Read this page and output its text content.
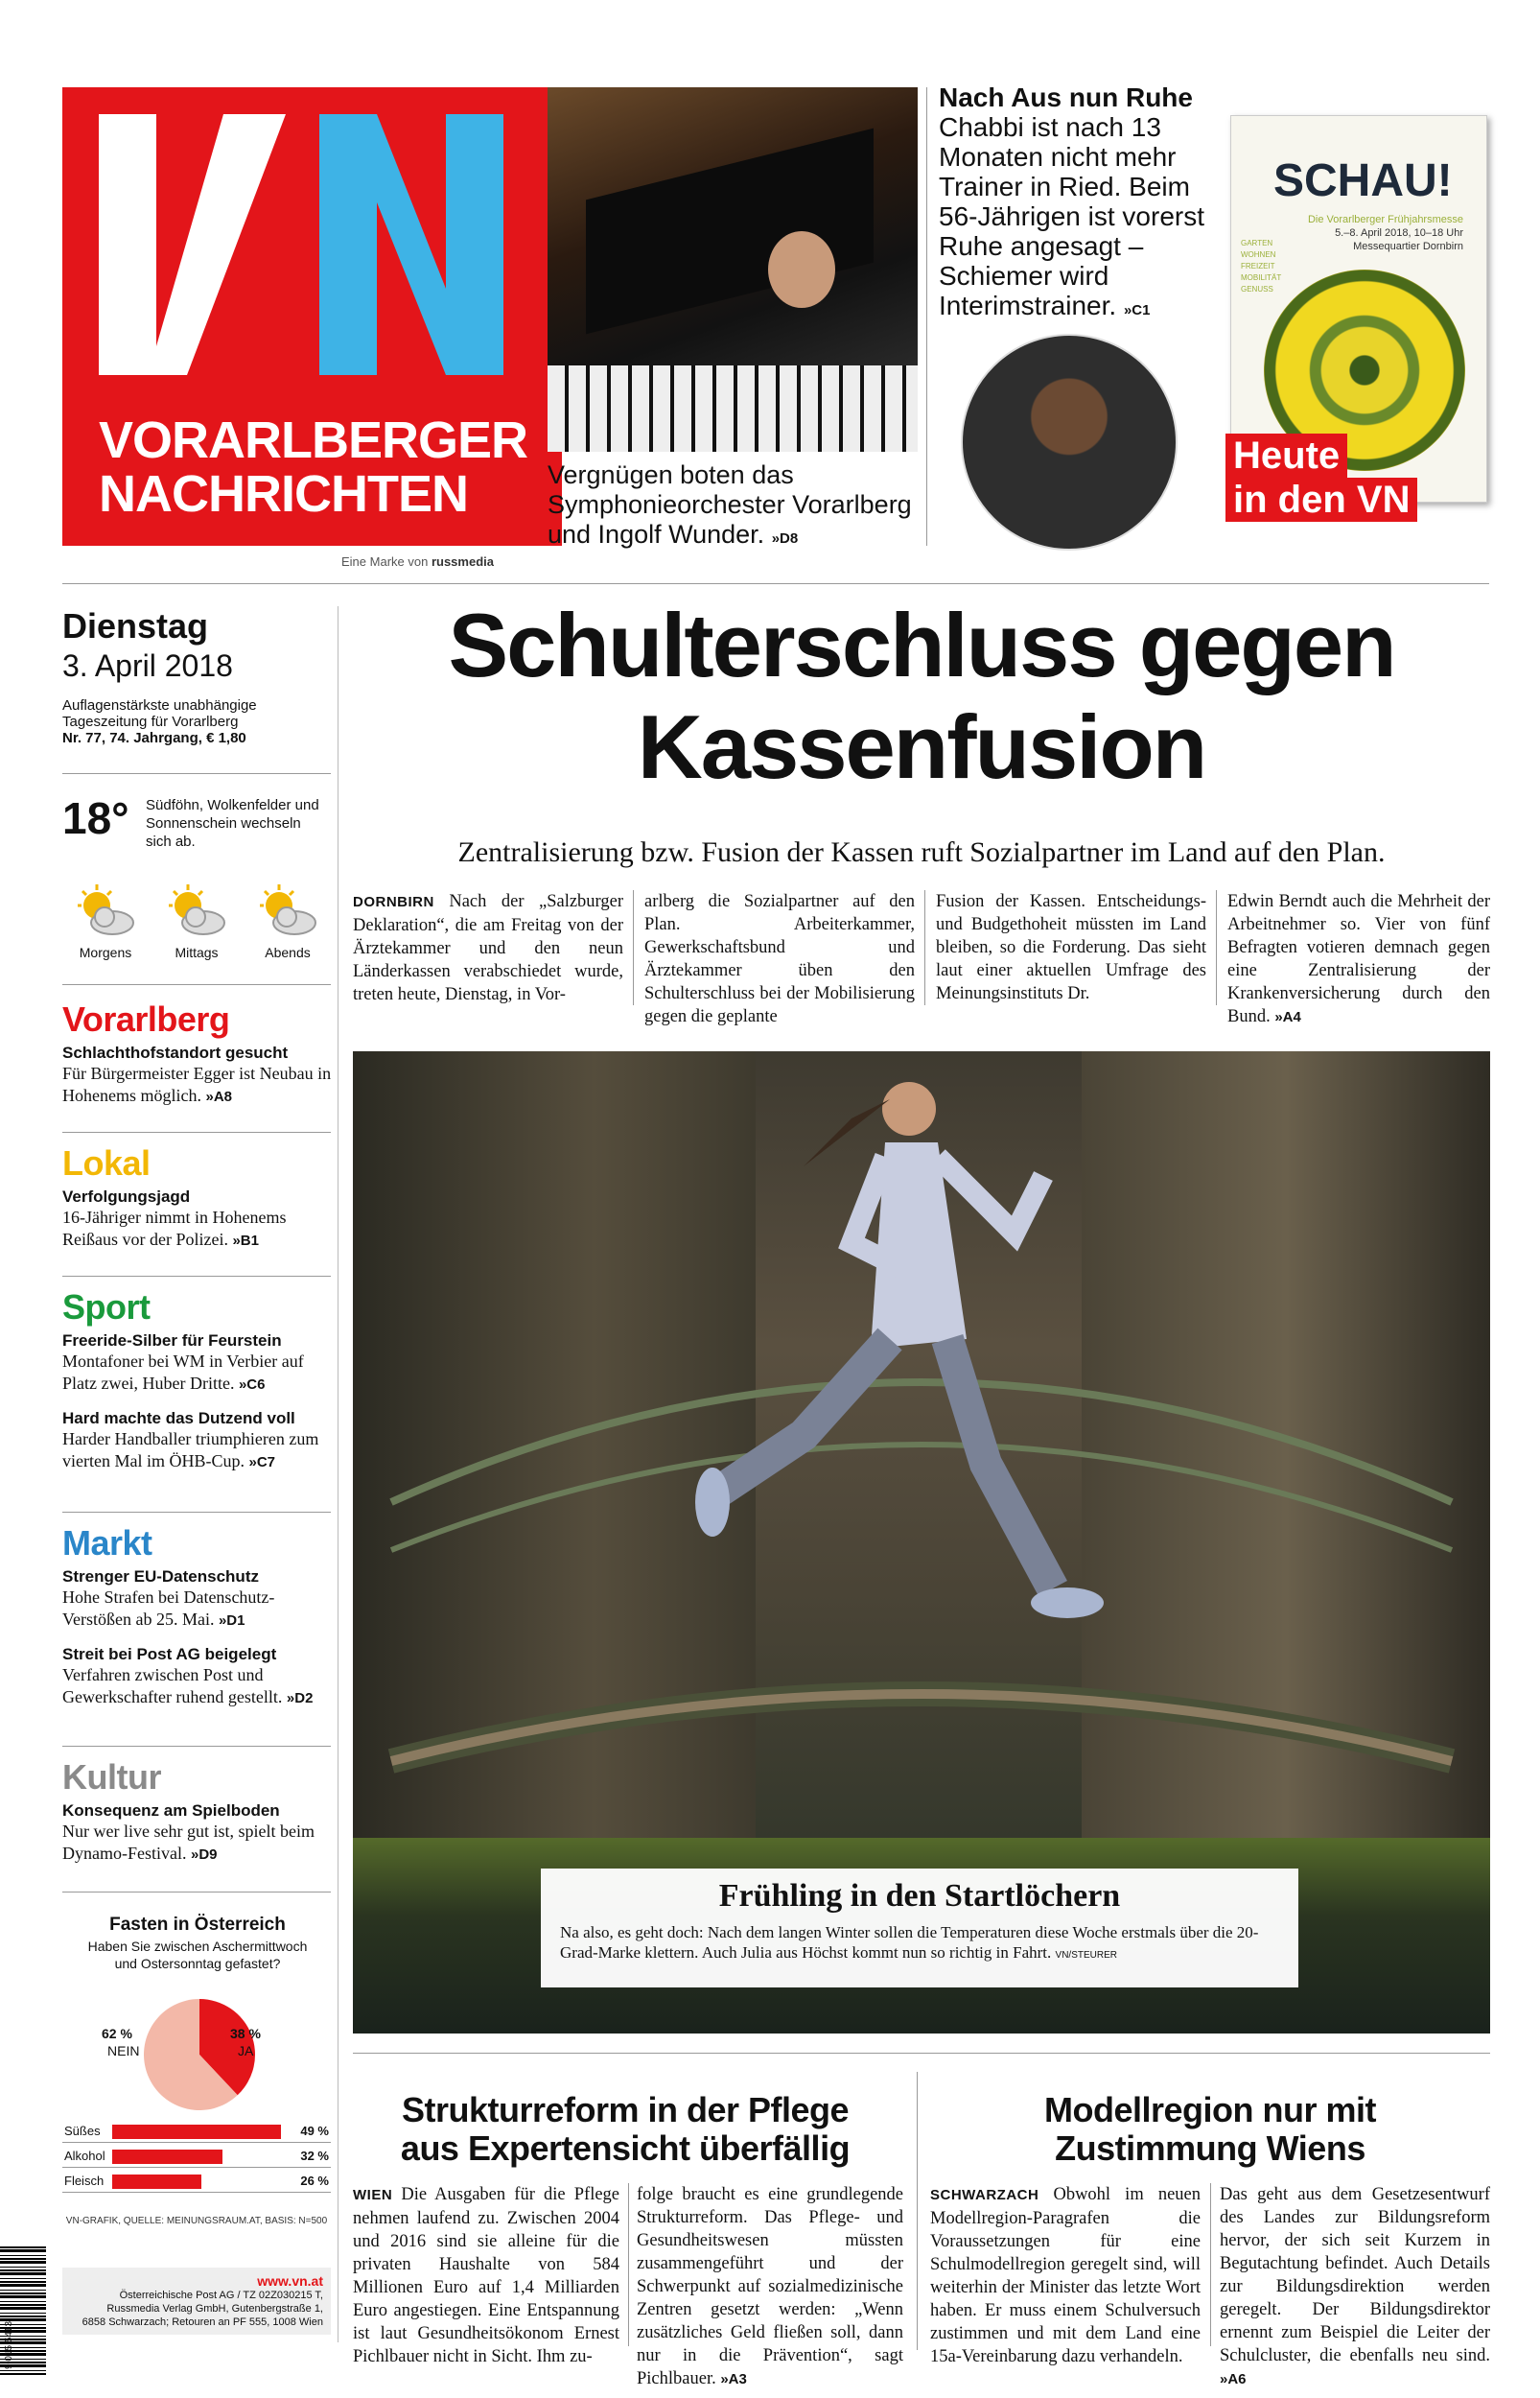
VORARLBERGER
NACHRICHTEN
Eine Marke von russmedia
Vergnügen boten das Symphonieorchester Vorarlberg und Ingolf Wunder. »D8
Nach Aus nun Ruhe
Chabbi ist nach 13 Monaten nicht mehr Trainer in Ried. Beim 56-Jährigen ist vorerst Ruhe angesagt – Schiemer wird Interimstrainer. »C1
SCHAU!
Die Vorarlberger Frühjahrsmesse
5.–8. April 2018, 10–18 Uhr
Messequartier Dornbirn
GARTEN
WOHNEN
FREIZEIT
MOBILITÄT
GENUSS
Heute
in den VN
Dienstag
3. April 2018
Auflagenstärkste unabhängige
Tageszeitung für Vorarlberg
Nr. 77, 74. Jahrgang, € 1,80
18° Südföhn, Wolkenfelder und Sonnenschein wechseln sich ab.
Morgens	Mittags	Abends
Vorarlberg
Schlachthofstandort gesucht
Für Bürgermeister Egger ist Neubau in Hohenems möglich. »A8
Lokal
Verfolgungsjagd
16-Jähriger nimmt in Hohenems Reißaus vor der Polizei. »B1
Sport
Freeride-Silber für Feurstein
Montafoner bei WM in Verbier auf Platz zwei, Huber Dritte. »C6
Hard machte das Dutzend voll
Harder Handballer triumphieren zum vierten Mal im ÖHB-Cup. »C7
Markt
Strenger EU-Datenschutz
Hohe Strafen bei Datenschutz-Verstößen ab 25. Mai. »D1
Streit bei Post AG beigelegt
Verfahren zwischen Post und Gewerkschafter ruhend gestellt. »D2
Kultur
Konsequenz am Spielboden
Nur wer live sehr gut ist, spielt beim Dynamo-Festival. »D9
Fasten in Österreich
Haben Sie zwischen Aschermittwoch und Ostersonntag gefastet?
62 %
NEIN
38 %
JA
Süßes	49 %
Alkohol	32 %
Fleisch	26 %
VN-GRAFIK, QUELLE: MEINUNGSRAUM.AT, BASIS: N=500
9 015 5413
www.vn.at
Österreichische Post AG / TZ 02Z030215 T,
Russmedia Verlag GmbH, Gutenbergstraße 1,
6858 Schwarzach; Retouren an PF 555, 1008 Wien
Schulterschluss gegen
Kassenfusion
Zentralisierung bzw. Fusion der Kassen ruft Sozialpartner im Land auf den Plan.
DORNBIRN Nach der „Salzburger Deklaration“, die am Freitag von der Ärztekammer und den neun Länderkassen verabschiedet wurde, treten heute, Dienstag, in Vor-
arlberg die Sozialpartner auf den Plan. Arbeiterkammer, Gewerkschaftsbund und Ärztekammer üben den Schulterschluss bei der Mobilisierung gegen die geplante
Fusion der Kassen. Entscheidungs- und Budgethoheit müssten im Land bleiben, so die Forderung. Das sieht laut einer aktuellen Umfrage des Meinungsinstituts Dr.
Edwin Berndt auch die Mehrheit der Arbeitnehmer so. Vier von fünf Befragten votieren demnach gegen eine Zentralisierung der Krankenversicherung durch den Bund. »A4
Frühling in den Startlöchern
Na also, es geht doch: Nach dem langen Winter sollen die Temperaturen diese Woche erstmals über die 20-Grad-Marke klettern. Auch Julia aus Höchst kommt nun so richtig in Fahrt. VN/STEURER
Strukturreform in der Pflege
aus Expertensicht überfällig
WIEN Die Ausgaben für die Pflege nehmen laufend zu. Zwischen 2004 und 2016 sind sie alleine für die privaten Haushalte von 584 Millionen Euro auf 1,4 Milliarden Euro angestiegen. Eine Entspannung ist laut Gesundheitsökonom Ernest Pichlbauer nicht in Sicht. Ihm zu-
folge braucht es eine grundlegende Strukturreform. Das Pflege- und Gesundheitswesen müssten zusammengeführt und der Schwerpunkt auf sozialmedizinische Zentren gesetzt werden: „Wenn zusätzliches Geld fließen soll, dann nur in die Prävention“, sagt Pichlbauer. »A3
Modellregion nur mit
Zustimmung Wiens
SCHWARZACH Obwohl im neuen Modellregion-Paragrafen die Voraussetzungen für eine Schulmodellregion geregelt sind, will weiterhin der Minister das letzte Wort haben. Er muss einem Schulversuch zustimmen und mit dem Land eine 15a-Vereinbarung dazu verhandeln.
Das geht aus dem Gesetzesentwurf des Landes zur Bildungsreform hervor, der sich seit Kurzem in Begutachtung befindet. Auch Details zur Bildungsdirektion werden geregelt. Der Bildungsdirektor ernennt zum Beispiel die Leiter der Schulcluster, die ebenfalls neu sind. »A6
